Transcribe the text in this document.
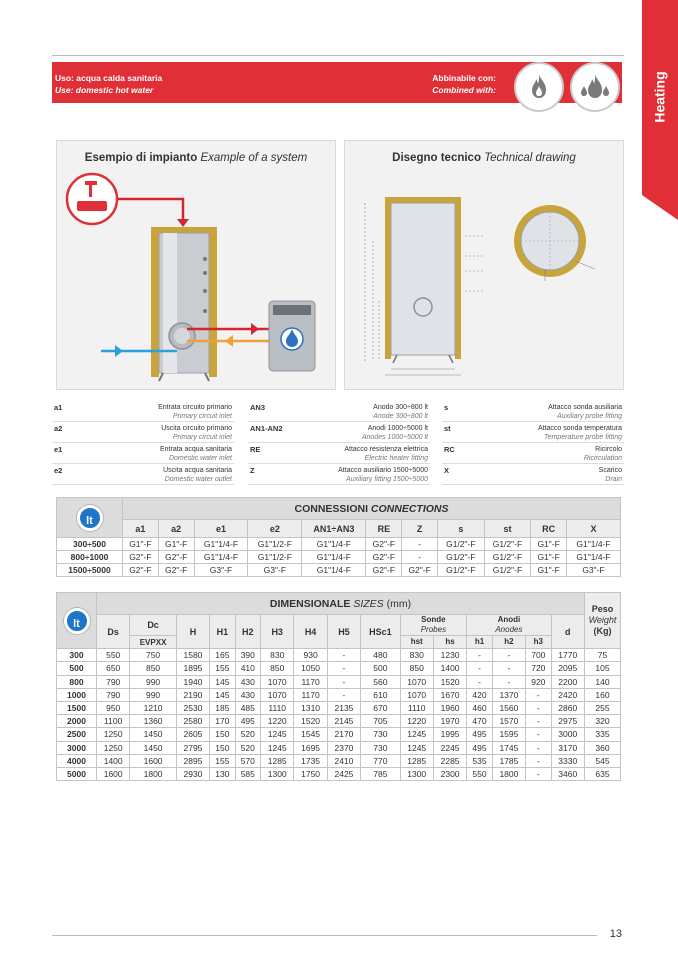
Heating
Uso: acqua calda sanitaria
Use: domestic hot water
Abbinabile con:
Combined with:
Esempio di impianto Example of a system	Disegno tecnico Technical drawing
a1	Entrata circuito primario
Primary circuit inlet
a2	Uscita circuito primario
Primary circuit inlet
e1	Entrata acqua sanitaria
Domestic water inlet
e2	Uscita acqua sanitaria
Domestic water outlet
AN3	Anodo 300÷800 lt
Anode 300÷800 lt
AN1-AN2	Anodi 1000÷5000 lt
Anodes 1000÷5000 lt
RE	Attacco resistenza elettrica
Electric heater fitting
Z	Attacco ausiliario 1500÷5000
Auxiliary fitting 1500÷5000
s	Attacco sonda ausiliaria
Auxiliary probe fitting
st	Attacco sonda temperatura
Temperature probe fitting
RC	Ricircolo
Ricirculation
X	Scarico
Drain
lt	CONNESSIONI CONNECTIONS										
	a1	a2	e1	e2	AN1÷AN3	RE	Z	s	st	RC	X
300÷500	G1"-F	G1"-F	G1"1/4-F	G1"1/2-F	G1"1/4-F	G2"-F	-	G1/2"-F	G1/2"-F	G1"-F	G1"1/4-F
800÷1000	G2"-F	G2"-F	G1"1/4-F	G1"1/2-F	G1"1/4-F	G2"-F	-	G1/2"-F	G1/2"-F	G1"-F	G1"1/4-F
1500÷5000	G2"-F	G2"-F	G3"-F	G3"-F	G1"1/4-F	G2"-F	G2"-F	G1/2"-F	G1/2"-F	G1"-F	G3"-F
lt	DIMENSIONALE SIZES (mm)															Peso
Weight
(Kg)
	Ds	Dc	H	H1	H2	H3	H4	H5	HSc1	Sonde
Probes		Anodi
Anodes			d	
		EVPXX								hst	hs	h1	h2	h3		
300	550	750	1580	165	390	830	930	-	480	830	1230	-	-	700	1770	75
500	650	850	1895	155	410	850	1050	-	500	850	1400	-	-	720	2095	105
800	790	990	1940	145	430	1070	1170	-	560	1070	1520	-	-	920	2200	140
1000	790	990	2190	145	430	1070	1170	-	610	1070	1670	420	1370	-	2420	160
1500	950	1210	2530	185	485	1110	1310	2135	670	1110	1960	460	1560	-	2860	255
2000	1100	1360	2580	170	495	1220	1520	2145	705	1220	1970	470	1570	-	2975	320
2500	1250	1450	2605	150	520	1245	1545	2170	730	1245	1995	495	1595	-	3000	335
3000	1250	1450	2795	150	520	1245	1695	2370	730	1245	2245	495	1745	-	3170	360
4000	1400	1600	2895	155	570	1285	1735	2410	770	1285	2285	535	1785	-	3330	545
5000	1600	1800	2930	130	585	1300	1750	2425	785	1300	2300	550	1800	-	3460	635
13
